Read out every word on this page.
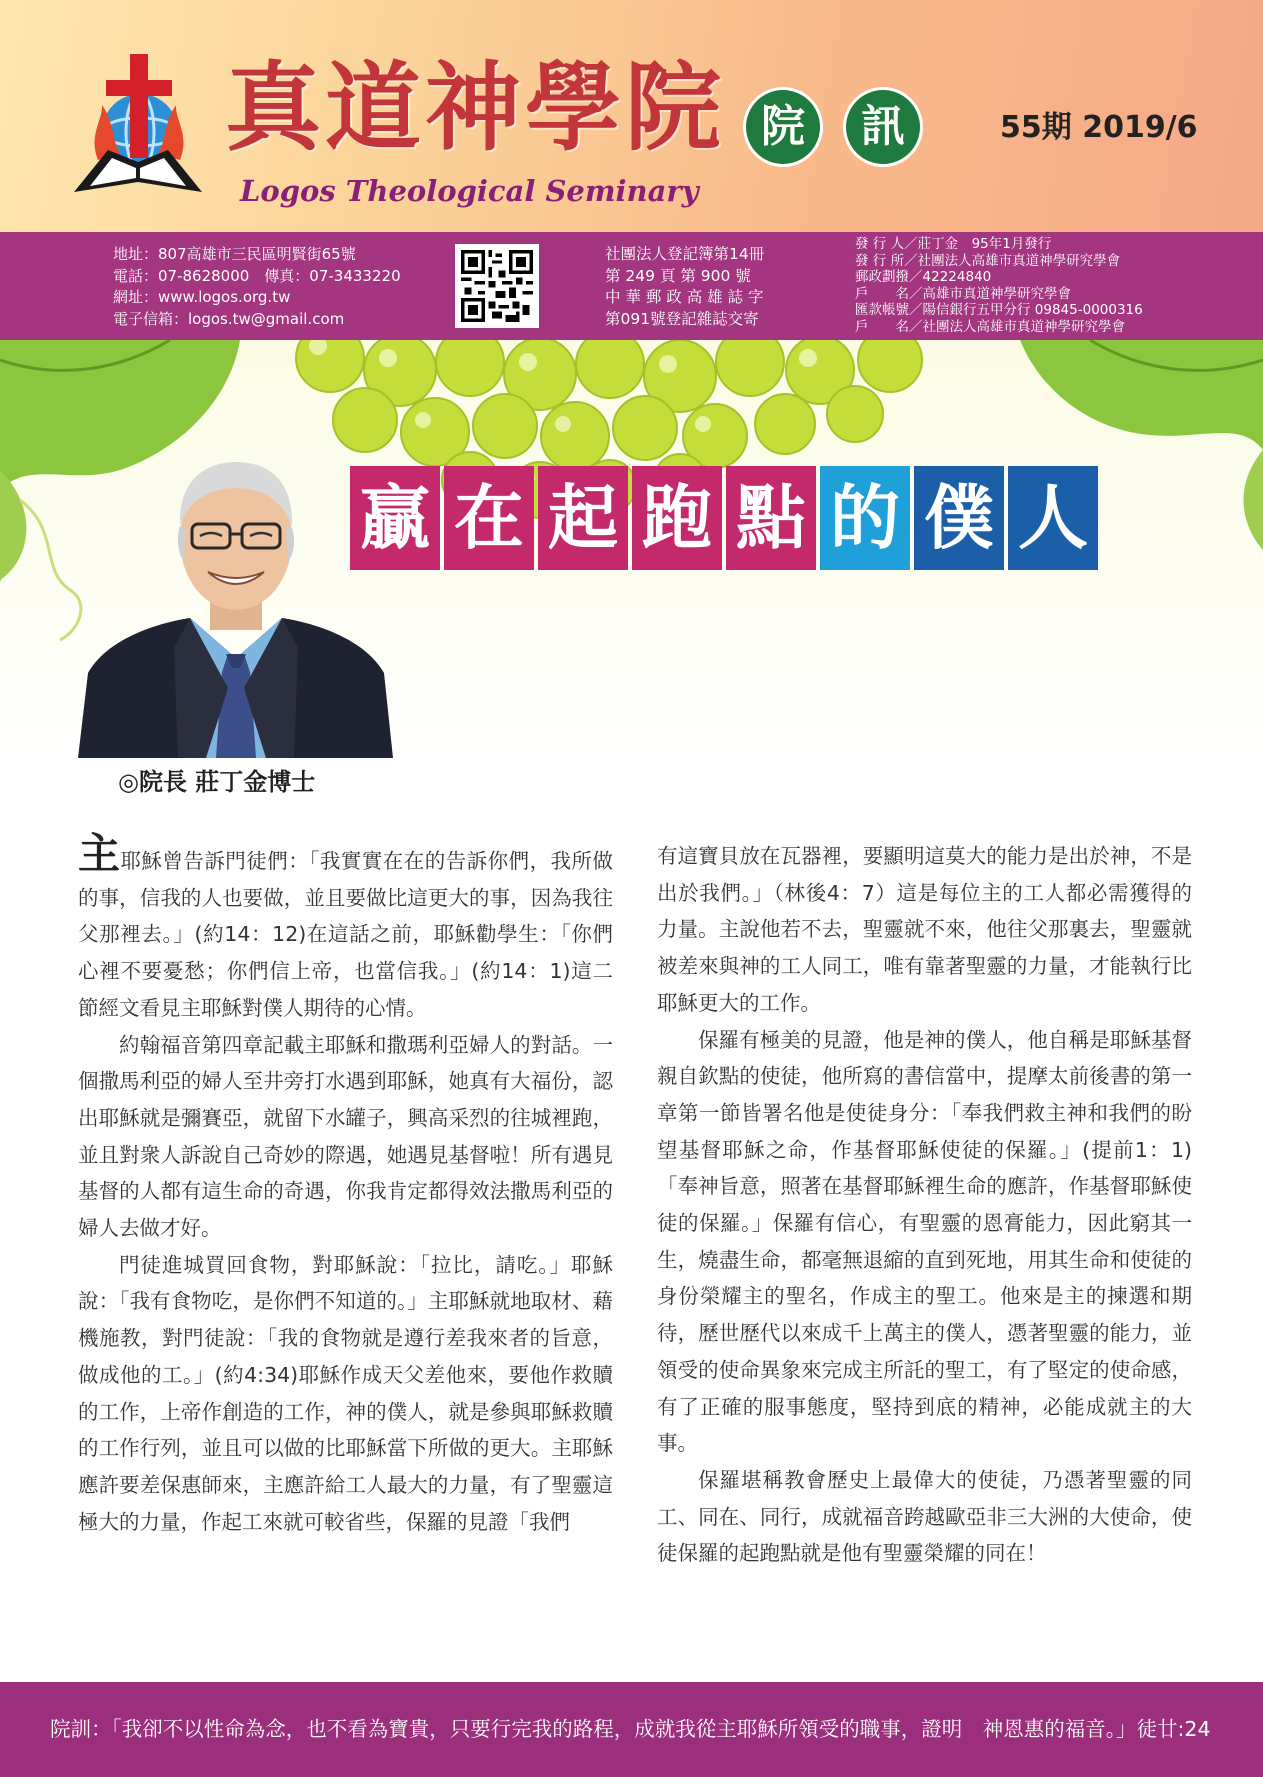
真道神學院
Logos Theological Seminary
院	訊	55期 2019/6
地址：807高雄市三民區明賢街65號
電話：07-8628000　傳真：07-3433220
網址：www.logos.org.tw
電子信箱：logos.tw@gmail.com
社團法人登記簿第14冊
第 249 頁 第 900 號
中 華 郵 政 高 雄 誌 字
第091號登記雜誌交寄
發 行 人／莊丁金　95年1月發行
發 行 所／社團法人高雄市真道神學研究學會
郵政劃撥／42224840
戶　　名／高雄市真道神學研究學會
匯款帳號／陽信銀行五甲分行 09845-0000316
戶　　名／社團法人高雄市真道神學研究學會
贏 在 起 跑 點 的 僕 人
◎院長 莊丁金博士

主耶穌曾告訴門徒們：「我實實在在的告訴你們，我所做的事，信我的人也要做，並且要做比這更大的事，因為我往父那裡去。」(約14：12)在這話之前，耶穌勸學生：「你們心裡不要憂愁；你們信上帝，也當信我。」(約14：1)這二節經文看見主耶穌對僕人期待的心情。

約翰福音第四章記載主耶穌和撒瑪利亞婦人的對話。一個撒馬利亞的婦人至井旁打水遇到耶穌，她真有大福份，認出耶穌就是彌賽亞，就留下水罐子，興高采烈的往城裡跑，並且對衆人訴說自己奇妙的際遇，她遇見基督啦！所有遇見基督的人都有這生命的奇遇，你我肯定都得效法撒馬利亞的婦人去做才好。

門徒進城買回食物，對耶穌說：「拉比，請吃。」耶穌說：「我有食物吃，是你們不知道的。」主耶穌就地取材、藉機施教，對門徒說：「我的食物就是遵行差我來者的旨意，做成他的工。」(約4:34)耶穌作成天父差他來，要他作救贖的工作，上帝作創造的工作，神的僕人，就是參與耶穌救贖的工作行列，並且可以做的比耶穌當下所做的更大。主耶穌應許要差保惠師來，主應許給工人最大的力量，有了聖靈這極大的力量，作起工來就可較省些，保羅的見證「我們

有這寶貝放在瓦器裡，要顯明這莫大的能力是出於神，不是出於我們。」（林後4：7）這是每位主的工人都必需獲得的力量。主說他若不去，聖靈就不來，他往父那裏去，聖靈就被差來與神的工人同工，唯有靠著聖靈的力量，才能執行比耶穌更大的工作。

保羅有極美的見證，他是神的僕人，他自稱是耶穌基督親自欽點的使徒，他所寫的書信當中，提摩太前後書的第一章第一節皆署名他是使徒身分：「奉我們救主神和我們的盼望基督耶穌之命，作基督耶穌使徒的保羅。」(提前1：1)「奉神旨意，照著在基督耶穌裡生命的應許，作基督耶穌使徒的保羅。」保羅有信心，有聖靈的恩膏能力，因此窮其一生，燒盡生命，都毫無退縮的直到死地，用其生命和使徒的身份榮耀主的聖名，作成主的聖工。他來是主的揀選和期待，歷世歷代以來成千上萬主的僕人，憑著聖靈的能力，並領受的使命異象來完成主所託的聖工，有了堅定的使命感，有了正確的服事態度，堅持到底的精神，必能成就主的大事。

保羅堪稱教會歷史上最偉大的使徒，乃憑著聖靈的同工、同在、同行，成就福音跨越歐亞非三大洲的大使命，使徒保羅的起跑點就是他有聖靈榮耀的同在！

院訓：「我卻不以性命為念，也不看為寶貴，只要行完我的路程，成就我從主耶穌所領受的職事，證明　神恩惠的福音。」徒廿:24
